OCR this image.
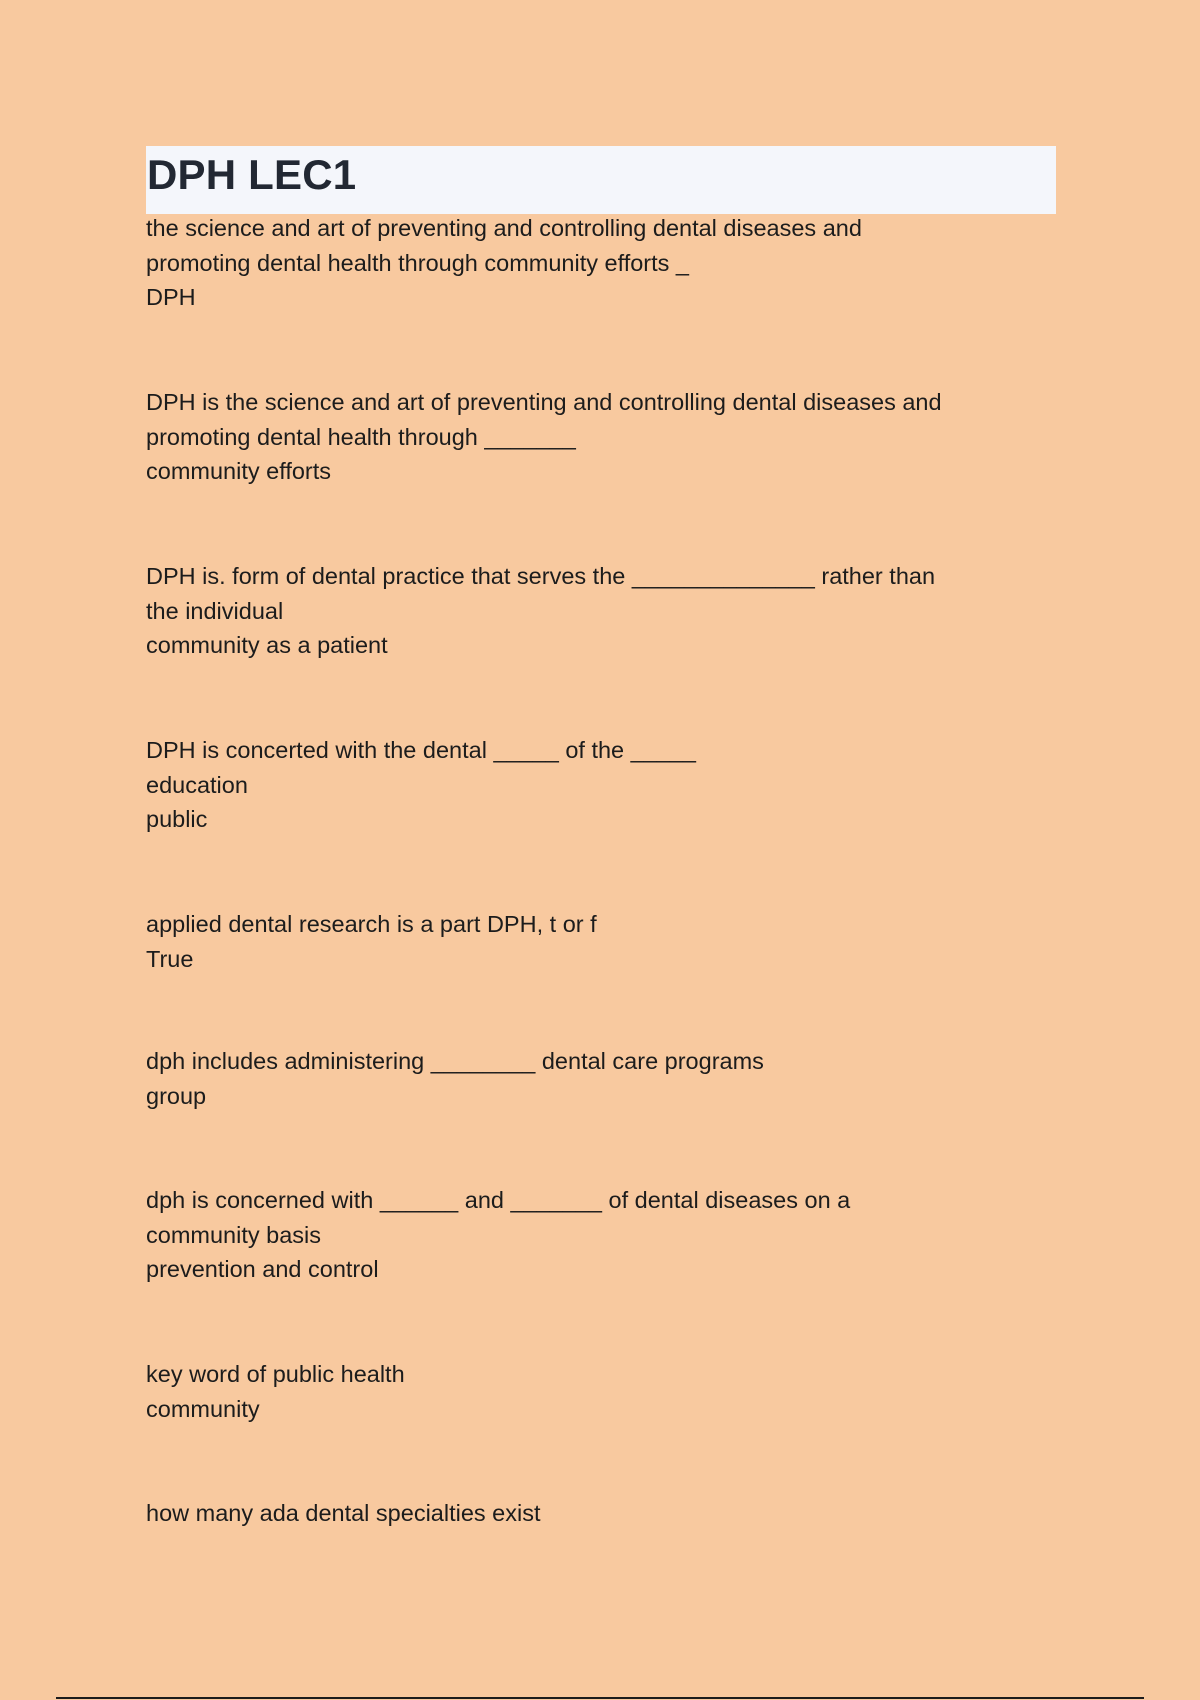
DPH LEC1
the science and art of preventing and controlling dental diseases and
promoting dental health through community efforts _
DPH
DPH is the science and art of preventing and controlling dental diseases and
promoting dental health through _______
community efforts
DPH is. form of dental practice that serves the ______________ rather than
the individual
community as a patient
DPH is concerted with the dental _____ of the _____
education
public
applied dental research is a part DPH, t or f
True
dph includes administering ________ dental care programs
group
dph is concerned with ______ and _______ of dental diseases on a
community basis
prevention and control
key word of public health
community
how many ada dental specialties exist
